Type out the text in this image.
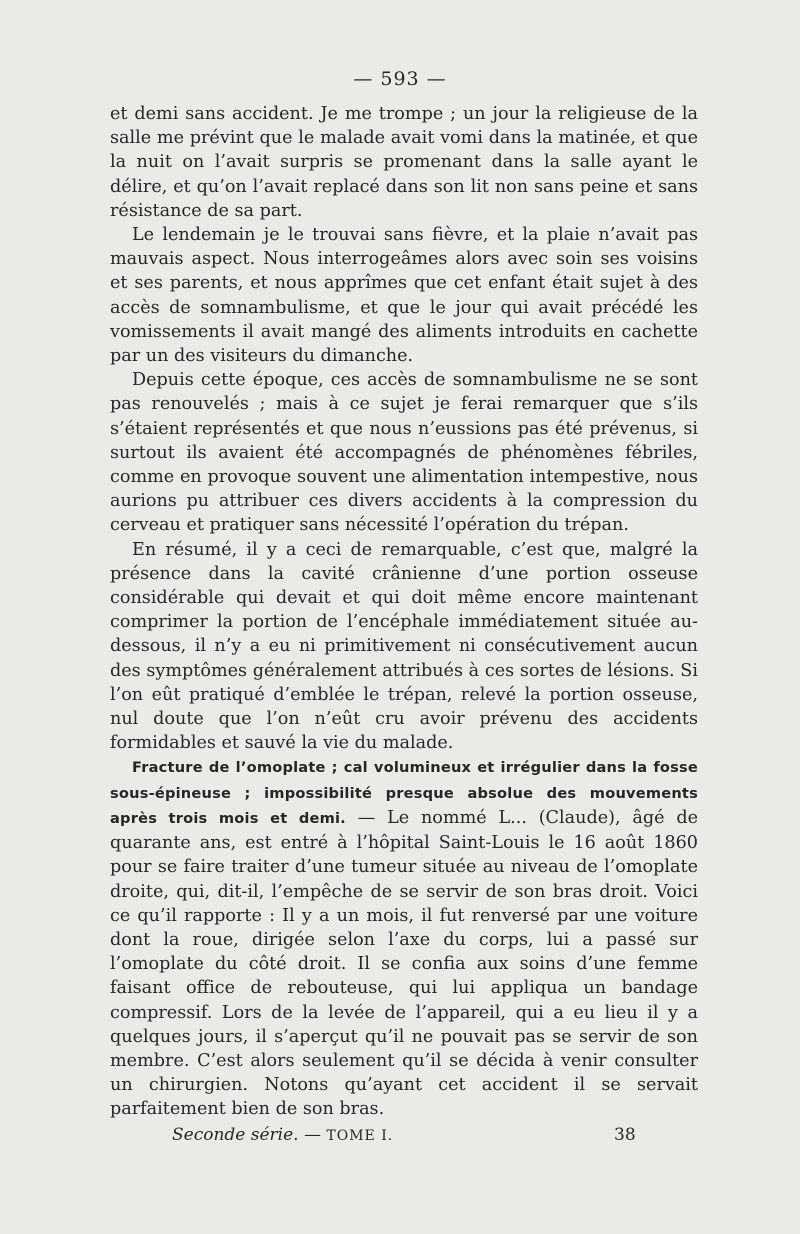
— 593 —

et demi sans accident. Je me trompe ; un jour la religieuse de la salle me prévint que le malade avait vomi dans la matinée, et que la nuit on l’avait surpris se promenant dans la salle ayant le délire, et qu’on l’avait replacé dans son lit non sans peine et sans résistance de sa part.

Le lendemain je le trouvai sans fièvre, et la plaie n’avait pas mauvais aspect. Nous interrogeâmes alors avec soin ses voisins et ses parents, et nous apprîmes que cet enfant était sujet à des accès de somnambulisme, et que le jour qui avait précédé les vomissements il avait mangé des aliments introduits en cachette par un des visiteurs du dimanche.

Depuis cette époque, ces accès de somnambulisme ne se sont pas renouvelés ; mais à ce sujet je ferai remarquer que s’ils s’étaient représentés et que nous n’eussions pas été prévenus, si surtout ils avaient été accompagnés de phénomènes fébriles, comme en provoque souvent une alimentation intempestive, nous aurions pu attribuer ces divers accidents à la compression du cerveau et pratiquer sans nécessité l’opération du trépan.

En résumé, il y a ceci de remarquable, c’est que, malgré la présence dans la cavité crânienne d’une portion osseuse considérable qui devait et qui doit même encore maintenant comprimer la portion de l’encéphale immédiatement située au-dessous, il n’y a eu ni primitivement ni consécutivement aucun des symptômes généralement attribués à ces sortes de lésions. Si l’on eût pratiqué d’emblée le trépan, relevé la portion osseuse, nul doute que l’on n’eût cru avoir prévenu des accidents formidables et sauvé la vie du malade.

Fracture de l’omoplate ; cal volumineux et irrégulier dans la fosse sous-épineuse ; impossibilité presque absolue des mouvements après trois mois et demi. — Le nommé L... (Claude), âgé de quarante ans, est entré à l’hôpital Saint-Louis le 16 août 1860 pour se faire traiter d’une tumeur située au niveau de l’omoplate droite, qui, dit-il, l’empêche de se servir de son bras droit. Voici ce qu’il rapporte : Il y a un mois, il fut renversé par une voiture dont la roue, dirigée selon l’axe du corps, lui a passé sur l’omoplate du côté droit. Il se confia aux soins d’une femme faisant office de rebouteuse, qui lui appliqua un bandage compressif. Lors de la levée de l’appareil, qui a eu lieu il y a quelques jours, il s’aperçut qu’il ne pouvait pas se servir de son membre. C’est alors seulement qu’il se décida à venir consulter un chirurgien. Notons qu’ayant cet accident il se servait parfaitement bien de son bras.

Seconde série. — TOME I.	38
